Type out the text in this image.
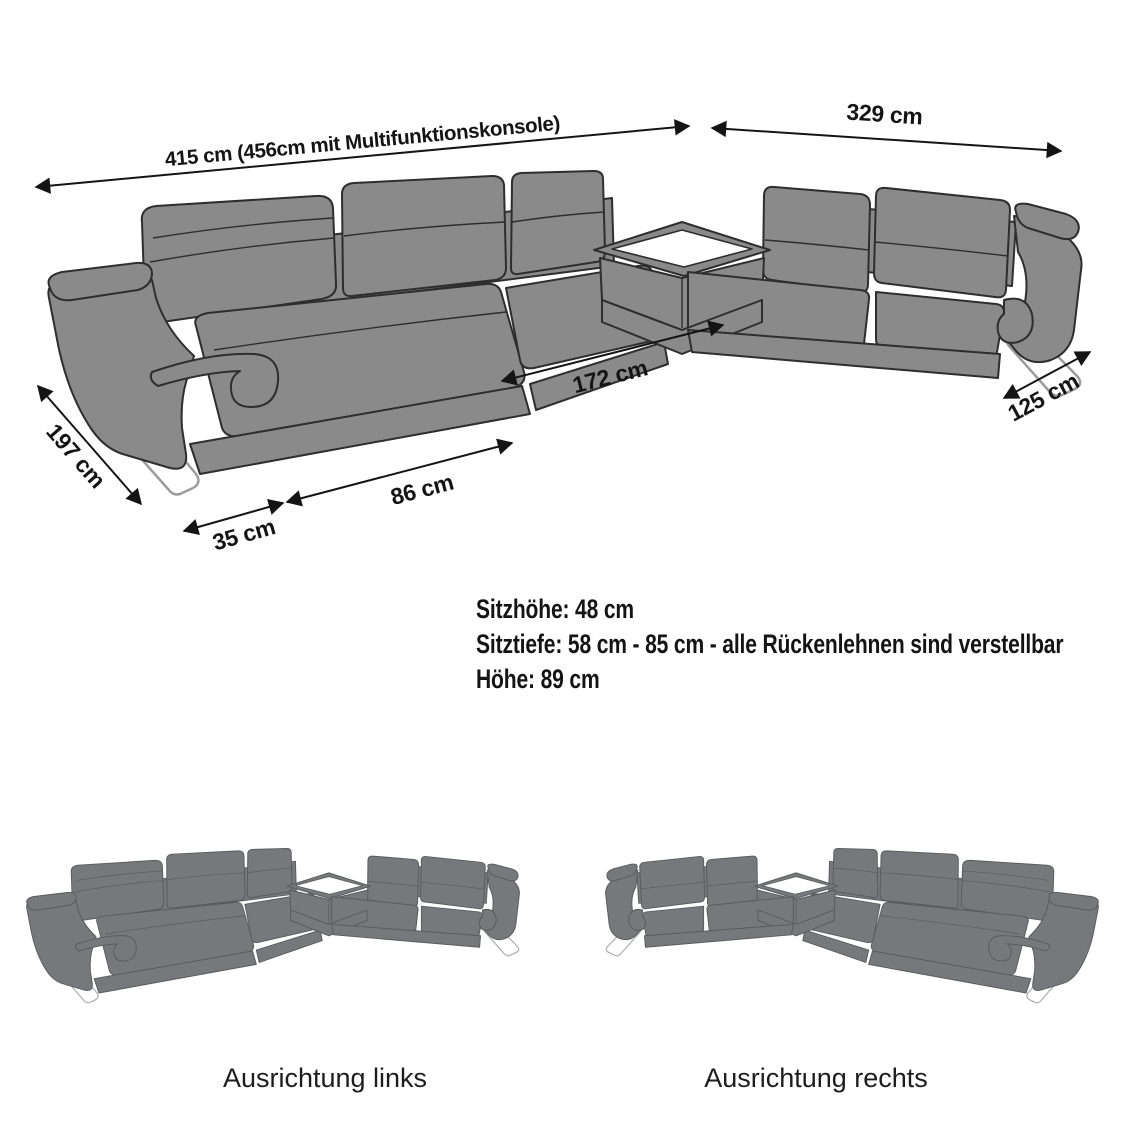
415 cm (456cm mit Multifunktionskonsole)	329 cm
172 cm	125 cm
197 cm	86 cm
35 cm
Sitzhöhe: 48 cm
Sitztiefe: 58 cm - 85 cm - alle Rückenlehnen sind verstellbar
Höhe: 89 cm
Ausrichtung links	Ausrichtung rechts
